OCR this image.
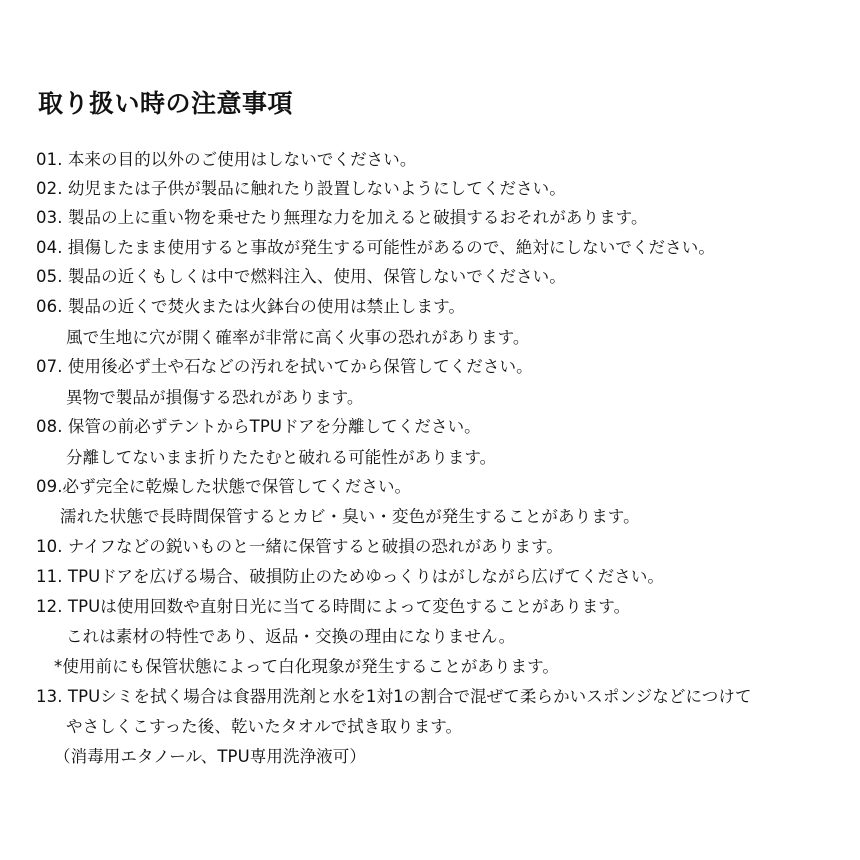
取り扱い時の注意事項
01. 本来の目的以外のご使用はしないでください。
02. 幼児または子供が製品に触れたり設置しないようにしてください。
03. 製品の上に重い物を乗せたり無理な力を加えると破損するおそれがあります。
04. 損傷したまま使用すると事故が発生する可能性があるので、絶対にしないでください。
05. 製品の近くもしくは中で燃料注入、使用、保管しないでください。
06. 製品の近くで焚火または火鉢台の使用は禁止します。
風で生地に穴が開く確率が非常に高く火事の恐れがあります。
07. 使用後必ず土や石などの汚れを拭いてから保管してください。
異物で製品が損傷する恐れがあります。
08. 保管の前必ずテントからTPUドアを分離してください。
分離してないまま折りたたむと破れる可能性があります。
09.必ず完全に乾燥した状態で保管してください。
濡れた状態で長時間保管するとカビ・臭い・変色が発生することがあります。
10. ナイフなどの鋭いものと一緒に保管すると破損の恐れがあります。
11. TPUドアを広げる場合、破損防止のためゆっくりはがしながら広げてください。
12. TPUは使用回数や直射日光に当てる時間によって変色することがあります。
これは素材の特性であり、返品・交換の理由になりません。
*使用前にも保管状態によって白化現象が発生することがあります。
13. TPUシミを拭く場合は食器用洗剤と水を1対1の割合で混ぜて柔らかいスポンジなどにつけて
やさしくこすった後、乾いたタオルで拭き取ります。
（消毒用エタノール、TPU専用洗浄液可）
